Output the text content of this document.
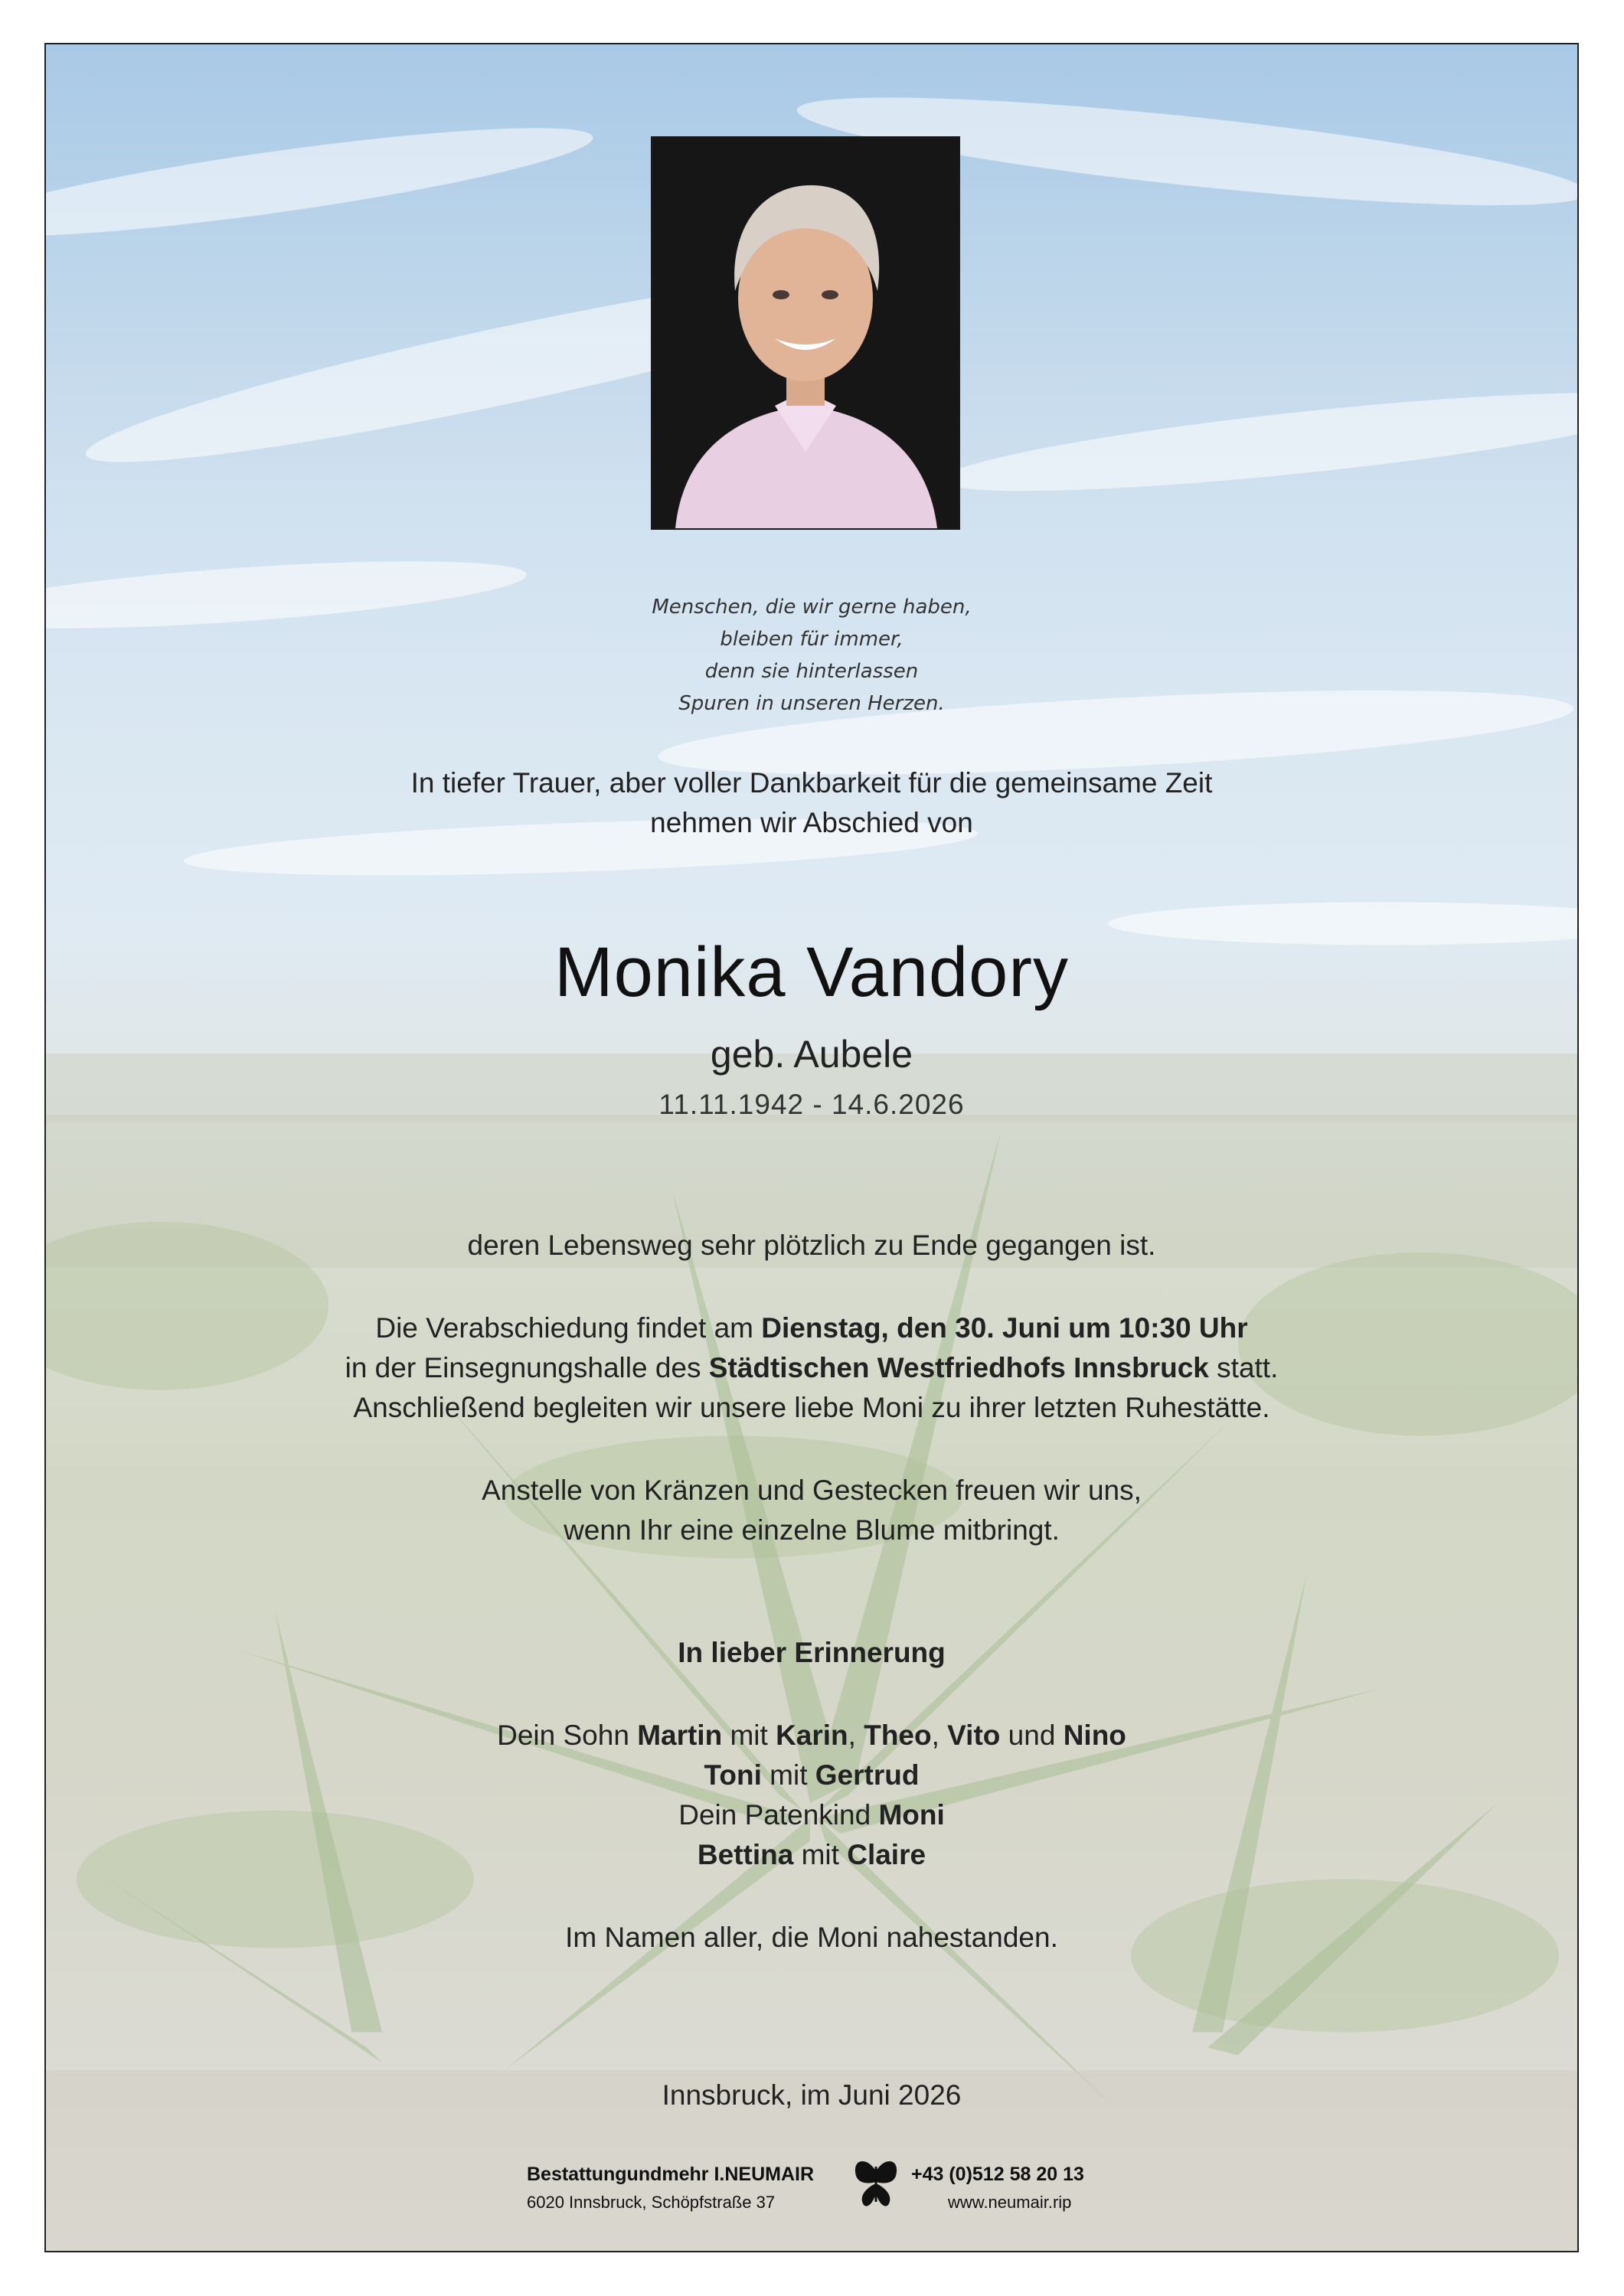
Menschen, die wir gerne haben,
bleiben für immer,
denn sie hinterlassen
Spuren in unseren Herzen.
In tiefer Trauer, aber voller Dankbarkeit für die gemeinsame Zeit
nehmen wir Abschied von
Monika Vandory
geb. Aubele
11.11.1942 - 14.6.2026
deren Lebensweg sehr plötzlich zu Ende gegangen ist.
Die Verabschiedung findet am Dienstag, den 30. Juni um 10:30 Uhr
in der Einsegnungshalle des Städtischen Westfriedhofs Innsbruck statt.
Anschließend begleiten wir unsere liebe Moni zu ihrer letzten Ruhestätte.
Anstelle von Kränzen und Gestecken freuen wir uns,
wenn Ihr eine einzelne Blume mitbringt.
In lieber Erinnerung
Dein Sohn Martin mit Karin, Theo, Vito und Nino
Toni mit Gertrud
Dein Patenkind Moni
Bettina mit Claire
Im Namen aller, die Moni nahestanden.
Innsbruck, im Juni 2026
Bestattungundmehr I.NEUMAIR
6020 Innsbruck, Schöpfstraße 37
+43 (0)512 58 20 13
www.neumair.rip
